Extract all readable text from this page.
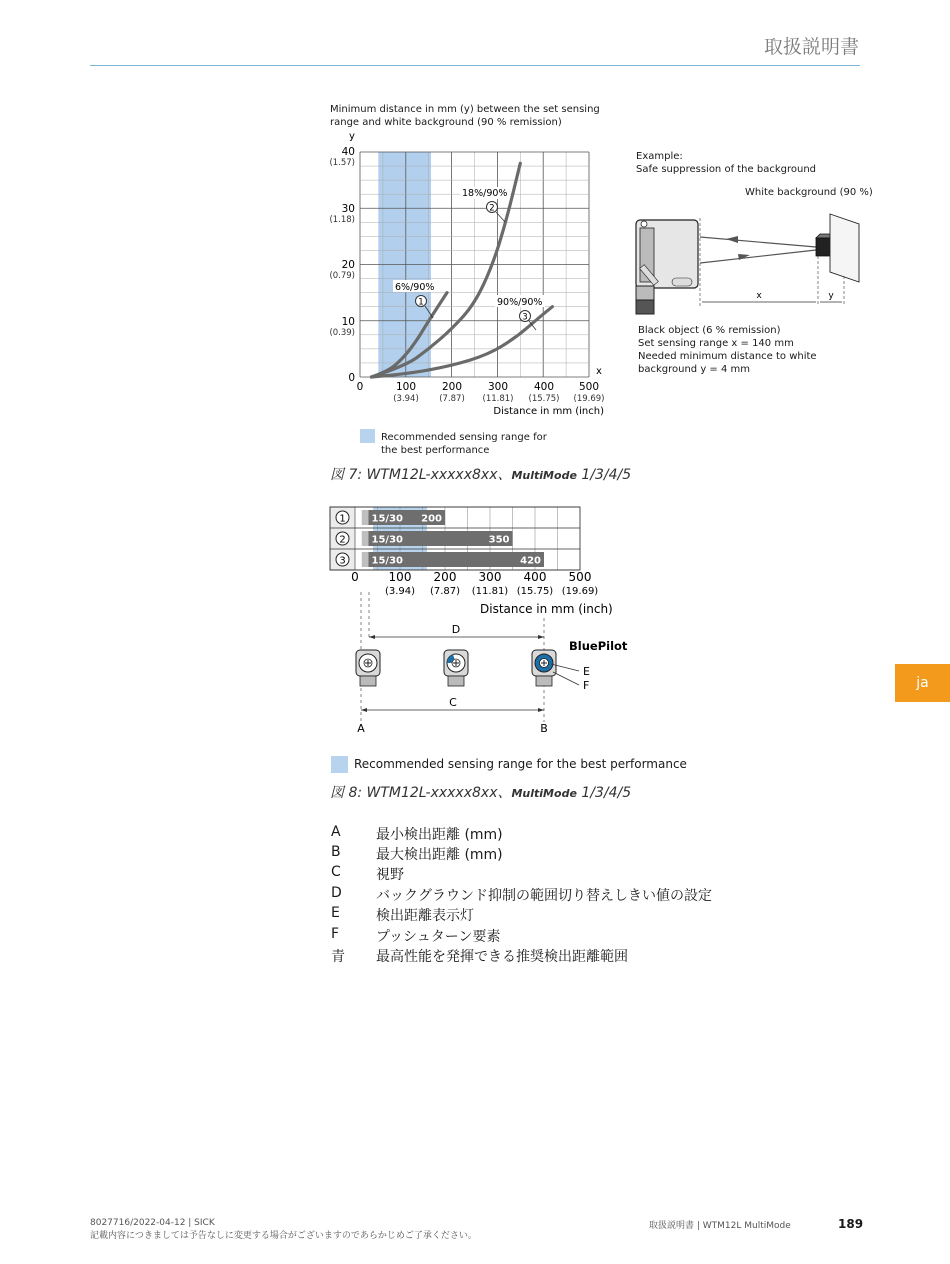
取扱説明書
ja
Minimum distance in mm (y) between the set sensing
range and white background (90 % remission)
y
x
40
(1.57)
30
(1.18)
20
(0.79)
10
(0.39)
0
0	100
(3.94)
200
(7.87)
300
(11.81)
400
(15.75)
500
(19.69)
Distance in mm (inch)
6%/90%
1
18%/90%
2
90%/90%
3
Recommended sensing range for
the best performance
図 7: WTM12L-xxxxx8xx、MultiMode 1/3/4/5
Example:
Safe suppression of the background
White background (90 %)
x	y
Black object (6 % remission)
Set sensing range x = 140 mm
Needed minimum distance to white
background y = 4 mm
1	15/30 200
2	15/30	350
3	15/30	420
0 100
(3.94)
200
(7.87)
300
(11.81)
400
(15.75)
500
(19.69)
Distance in mm (inch)
D
BluePilot
E
F
C
A	B
Recommended sensing range for the best performance
図 8: WTM12L-xxxxx8xx、MultiMode 1/3/4/5
A	最小検出距離 (mm)
B	最大検出距離 (mm)
C	視野
D バックグラウンド抑制の範囲切り替えしきい値の設定
E	検出距離表示灯
F	プッシュターン要素
青 最高性能を発揮できる推奨検出距離範囲
8027716/2022-04-12 | SICK
記載内容につきましては予告なしに変更する場合がございますのであらかじめご了承ください。
取扱説明書 | WTM12L MultiMode	189
